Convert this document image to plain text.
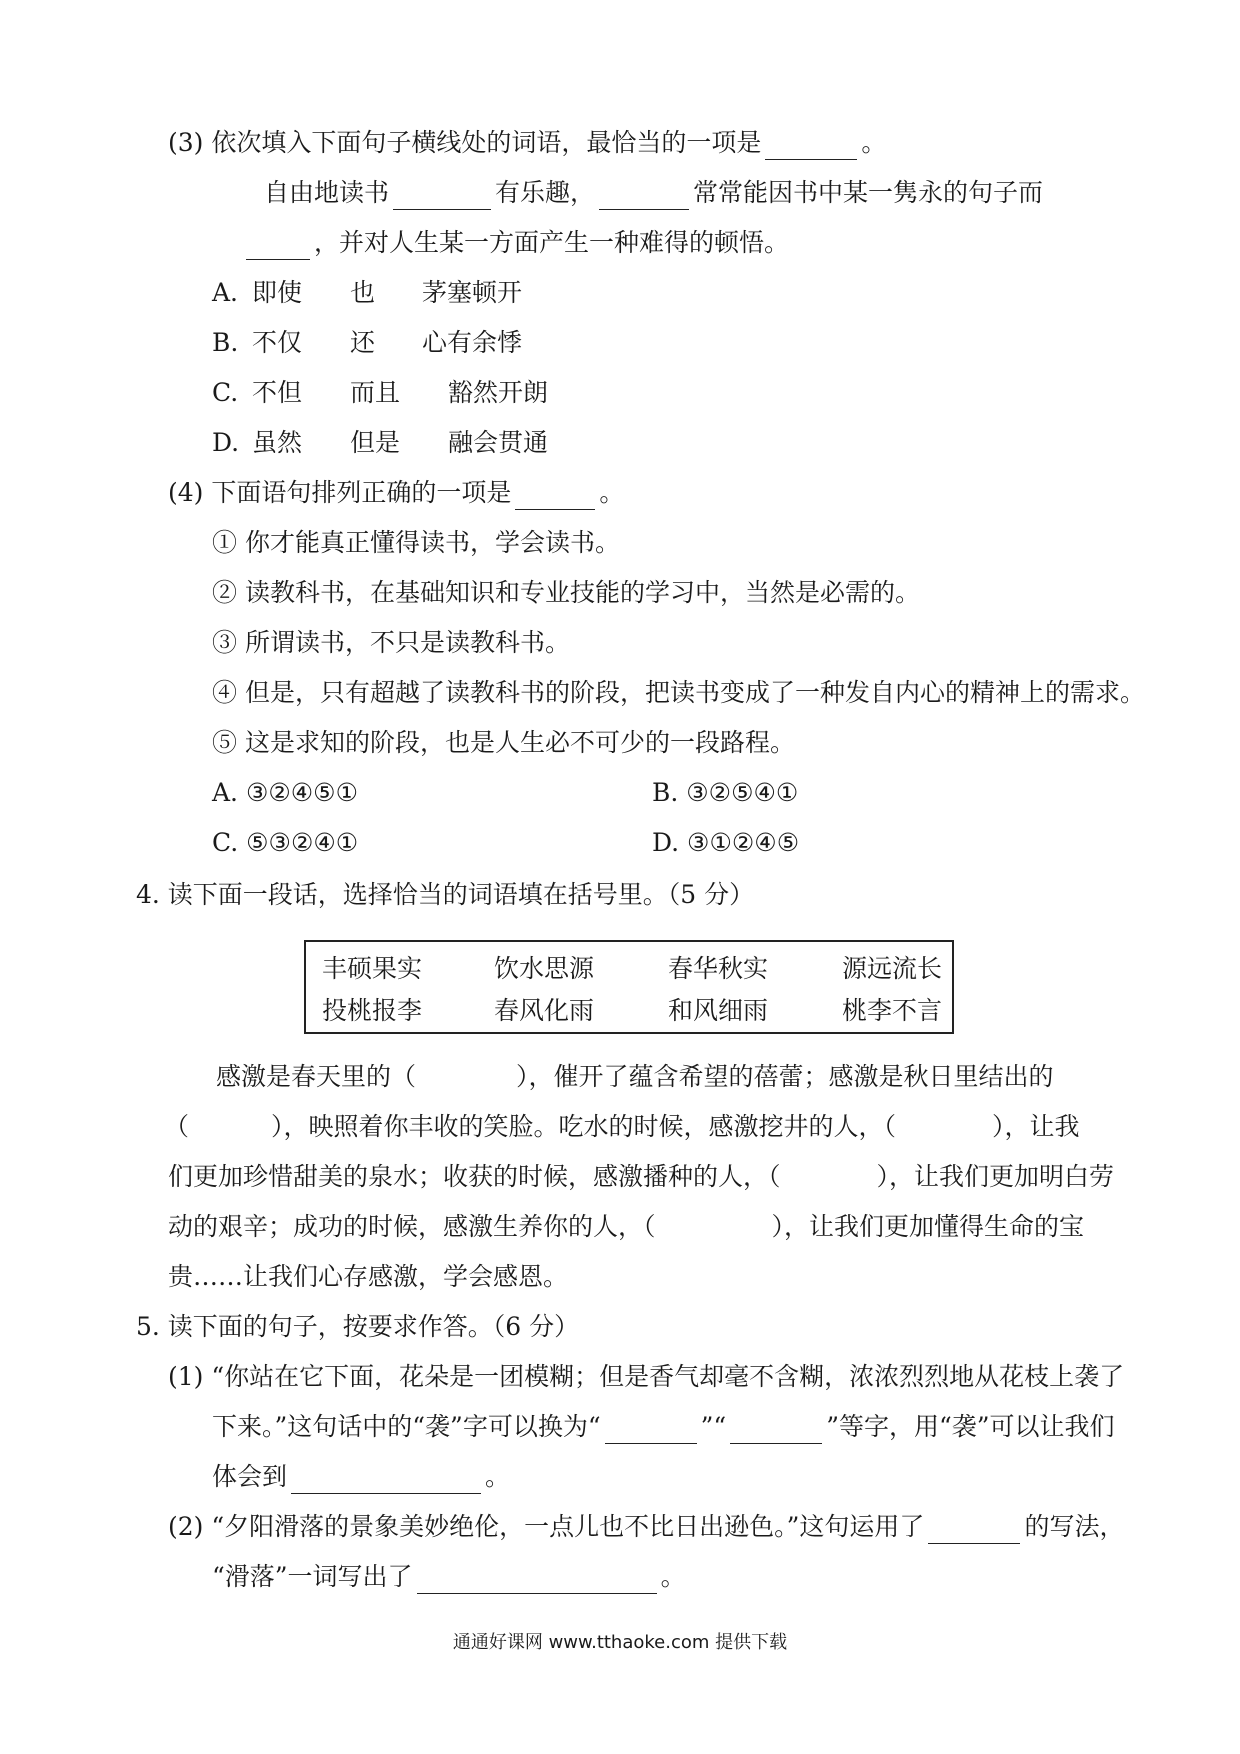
(3) 依次填入下面句子横线处的词语，最恰当的一项是	。
自由地读书	有乐趣，	常常能因书中某一隽永的句子而
，并对人生某一方面产生一种难得的顿悟。
A. 即使 也 茅塞顿开
B. 不仅 还 心有余悸
C. 不但 而且 豁然开朗
D. 虽然 但是 融会贯通
(4) 下面语句排列正确的一项是	。
① 你才能真正懂得读书，学会读书。
② 读教科书，在基础知识和专业技能的学习中，当然是必需的。
③ 所谓读书，不只是读教科书。
④ 但是，只有超越了读教科书的阶段，把读书变成了一种发自内心的精神上的需求。
⑤ 这是求知的阶段，也是人生必不可少的一段路程。
A. ③②④⑤①	B. ③②⑤④①
C. ⑤③②④①	D. ③①②④⑤
4. 读下面一段话，选择恰当的词语填在括号里。（5 分）
丰硕果实	饮水思源	春华秋实	源远流长
投桃报李	春风化雨	和风细雨	桃李不言
感激是春天里的（	），催开了蕴含希望的蓓蕾；感激是秋日里结出的
（	），映照着你丰收的笑脸。吃水的时候，感激挖井的人，（	），让我
们更加珍惜甜美的泉水；收获的时候，感激播种的人，（	），让我们更加明白劳
动的艰辛；成功的时候，感激生养你的人，（	），让我们更加懂得生命的宝
贵……让我们心存感激，学会感恩。
5. 读下面的句子，按要求作答。（6 分）
(1) “你站在它下面，花朵是一团模糊；但是香气却毫不含糊，浓浓烈烈地从花枝上袭了
下来。”这句话中的“袭”字可以换为“	”“	”等字，用“袭”可以让我们
体会到	。
(2) “夕阳滑落的景象美妙绝伦，一点儿也不比日出逊色。”这句运用了	的写法，
“滑落”一词写出了	。
通通好课网 www.tthaoke.com 提供下载
